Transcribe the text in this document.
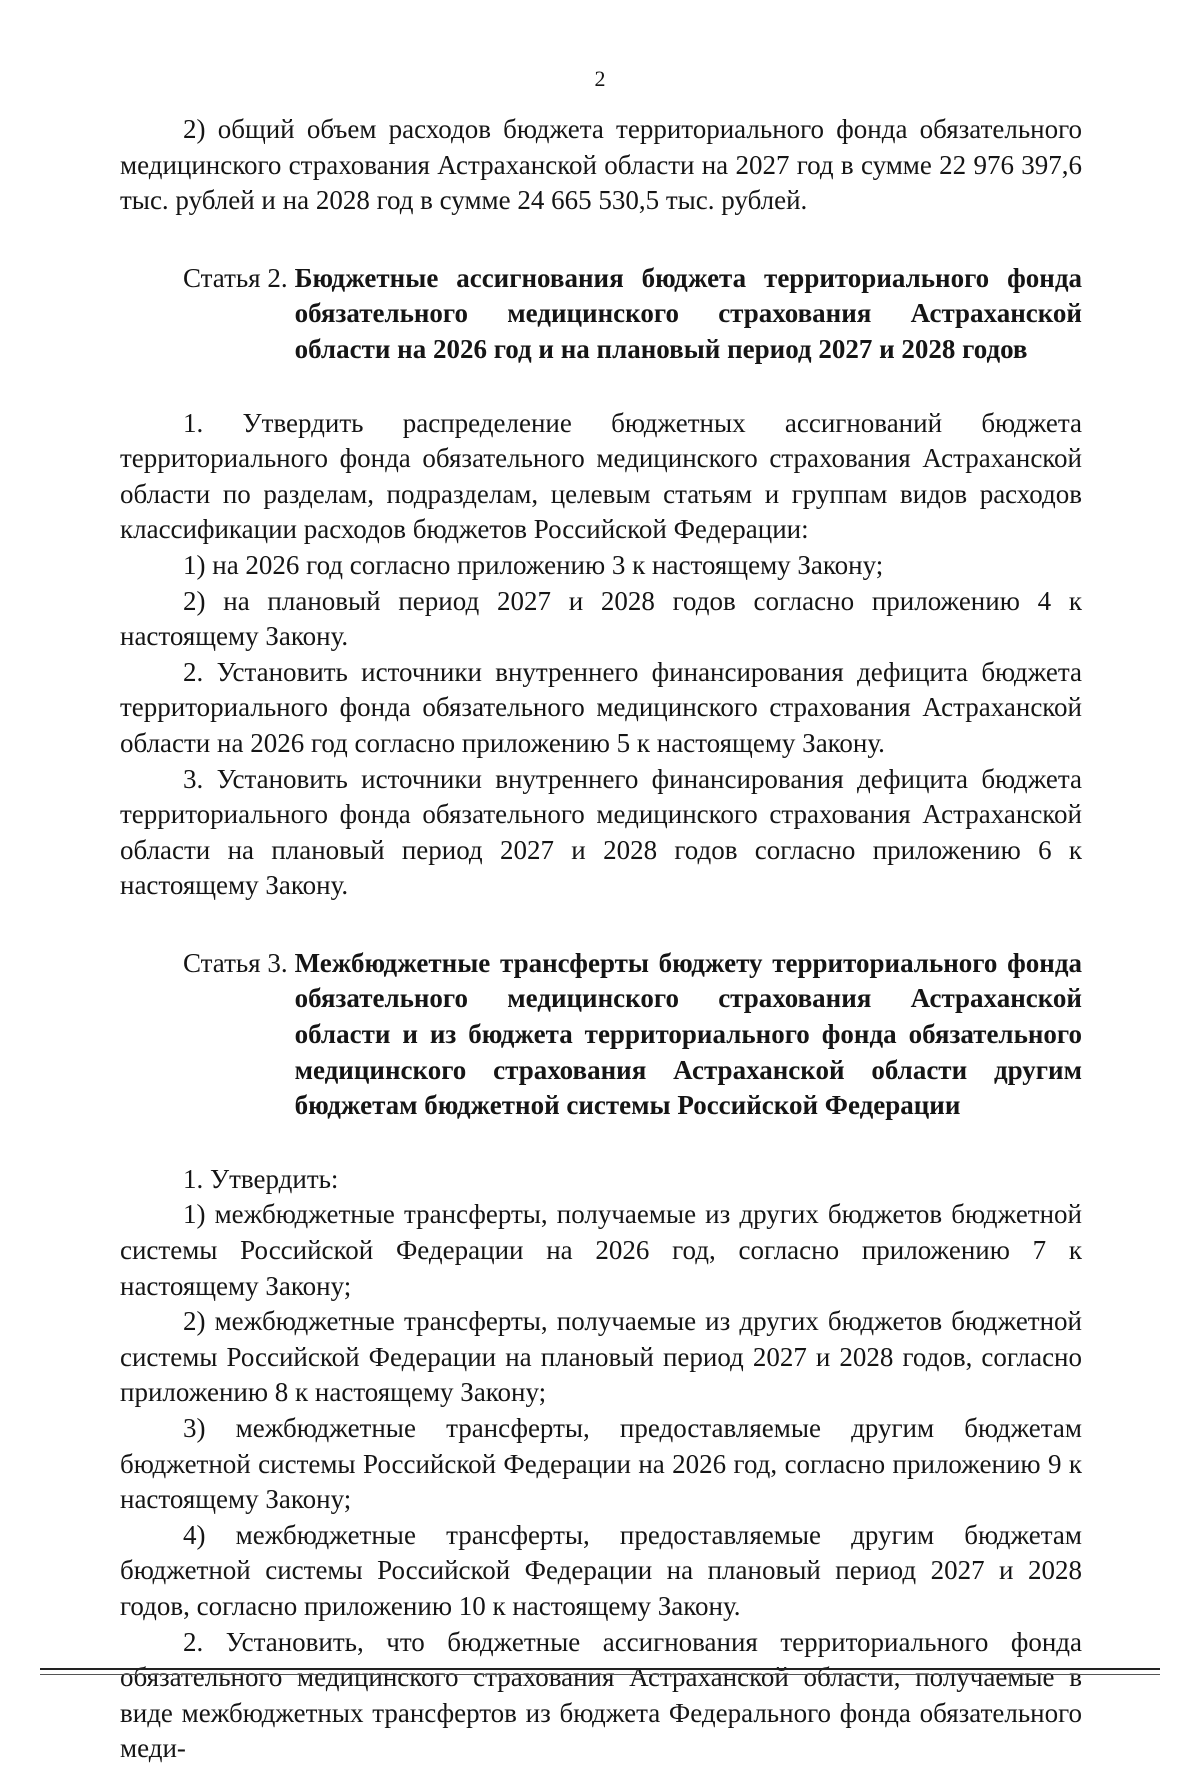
2

2) общий объем расходов бюджета территориального фонда обязательного медицинского страхования Астраханской области на 2027 год в сумме 22 976 397,6 тыс. рублей и на 2028 год в сумме 24 665 530,5 тыс. рублей.

Статья 2. Бюджетные ассигнования бюджета территориального фонда обязательного медицинского страхования Астраханской области на 2026 год и на плановый период 2027 и 2028 годов

1. Утвердить распределение бюджетных ассигнований бюджета территориального фонда обязательного медицинского страхования Астраханской области по разделам, подразделам, целевым статьям и группам видов расходов классификации расходов бюджетов Российской Федерации:

1) на 2026 год согласно приложению 3 к настоящему Закону;

2) на плановый период 2027 и 2028 годов согласно приложению 4 к настоящему Закону.

2. Установить источники внутреннего финансирования дефицита бюджета территориального фонда обязательного медицинского страхования Астраханской области на 2026 год согласно приложению 5 к настоящему Закону.

3. Установить источники внутреннего финансирования дефицита бюджета территориального фонда обязательного медицинского страхования Астраханской области на плановый период 2027 и 2028 годов согласно приложению 6 к настоящему Закону.

Статья 3. Межбюджетные трансферты бюджету территориального фонда обязательного медицинского страхования Астраханской области и из бюджета территориального фонда обязательного медицинского страхования Астраханской области другим
бюджетам бюджетной системы Российской Федерации

1. Утвердить:

1) межбюджетные трансферты, получаемые из других бюджетов бюджетной системы Российской Федерации на 2026 год, согласно приложению 7 к настоящему Закону;

2) межбюджетные трансферты, получаемые из других бюджетов бюджетной системы Российской Федерации на плановый период 2027 и 2028 годов, согласно приложению 8 к настоящему Закону;

3) межбюджетные трансферты, предоставляемые другим бюджетам бюджетной системы Российской Федерации на 2026 год, согласно приложению 9 к настоящему Закону;

4) межбюджетные трансферты, предоставляемые другим бюджетам бюджетной системы Российской Федерации на плановый период 2027 и 2028 годов, согласно приложению 10 к настоящему Закону.

2. Установить, что бюджетные ассигнования территориального фонда обязательного медицинского страхования Астраханской области, получаемые в виде межбюджетных трансфертов из бюджета Федерального фонда обязательного меди-
